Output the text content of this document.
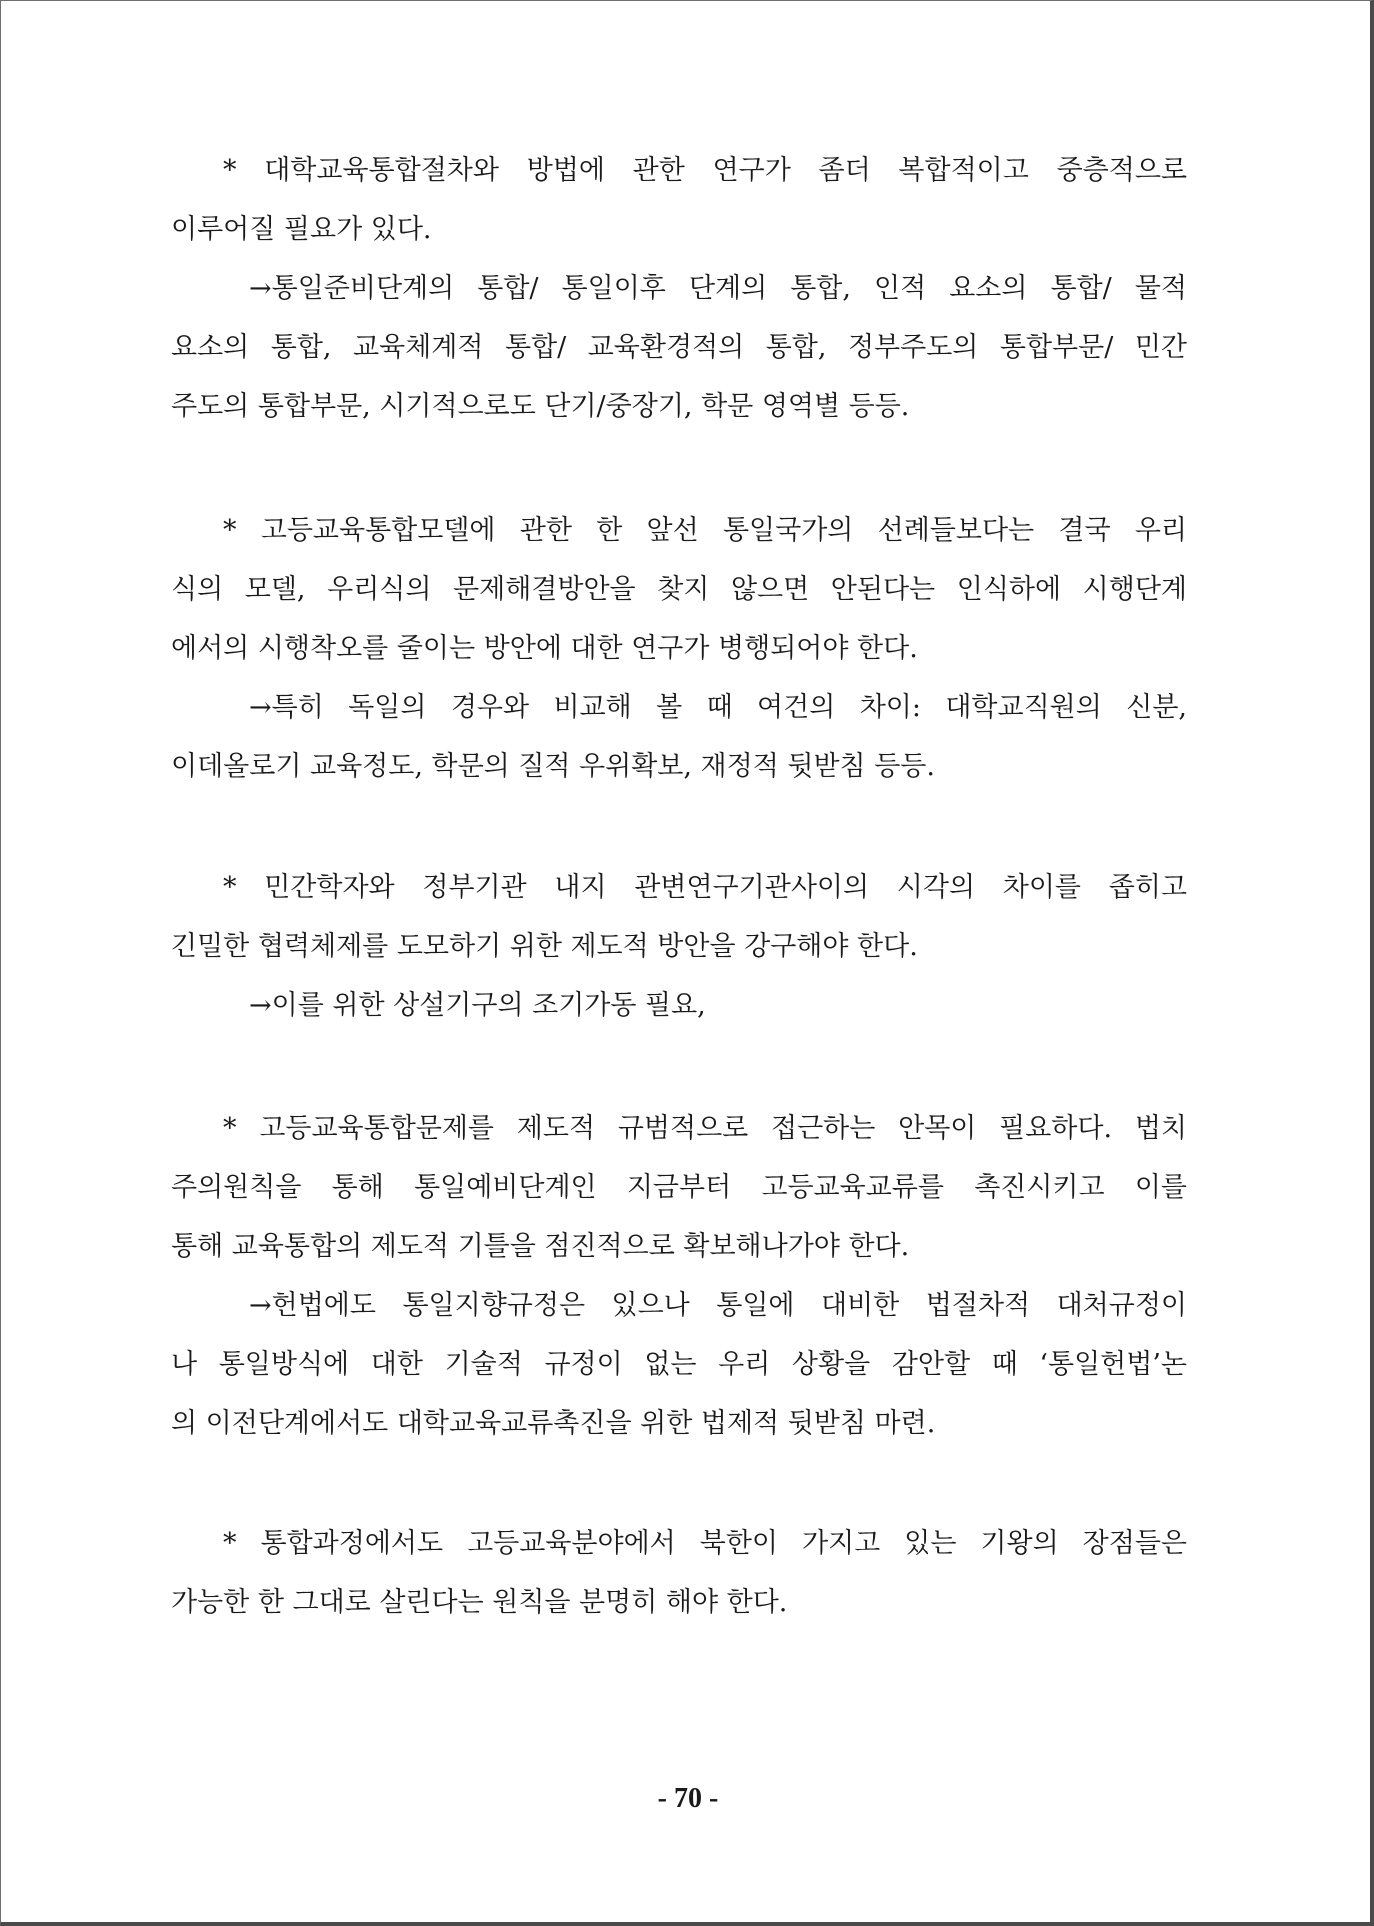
* 대학교육통합절차와 방법에 관한 연구가 좀더 복합적이고 중층적으로
이루어질 필요가 있다.
→통일준비단계의 통합/ 통일이후 단계의 통합, 인적 요소의 통합/ 물적
요소의 통합, 교육체계적 통합/ 교육환경적의 통합, 정부주도의 통합부문/ 민간
주도의 통합부문, 시기적으로도 단기/중장기, 학문 영역별 등등.
* 고등교육통합모델에 관한 한 앞선 통일국가의 선례들보다는 결국 우리
식의 모델, 우리식의 문제해결방안을 찾지 않으면 안된다는 인식하에 시행단계
에서의 시행착오를 줄이는 방안에 대한 연구가 병행되어야 한다.
→특히 독일의 경우와 비교해 볼 때 여건의 차이: 대학교직원의 신분,
이데올로기 교육정도, 학문의 질적 우위확보, 재정적 뒷받침 등등.
* 민간학자와 정부기관 내지 관변연구기관사이의 시각의 차이를 좁히고
긴밀한 협력체제를 도모하기 위한 제도적 방안을 강구해야 한다.
→이를 위한 상설기구의 조기가동 필요,
* 고등교육통합문제를 제도적 규범적으로 접근하는 안목이 필요하다. 법치
주의원칙을 통해 통일예비단계인 지금부터 고등교육교류를 촉진시키고 이를
통해 교육통합의 제도적 기틀을 점진적으로 확보해나가야 한다.
→헌법에도 통일지향규정은 있으나 통일에 대비한 법절차적 대처규정이
나 통일방식에 대한 기술적 규정이 없는 우리 상황을 감안할 때 ‘통일헌법’논
의 이전단계에서도 대학교육교류촉진을 위한 법제적 뒷받침 마련.
* 통합과정에서도 고등교육분야에서 북한이 가지고 있는 기왕의 장점들은
가능한 한 그대로 살린다는 원칙을 분명히 해야 한다.
- 70 -
